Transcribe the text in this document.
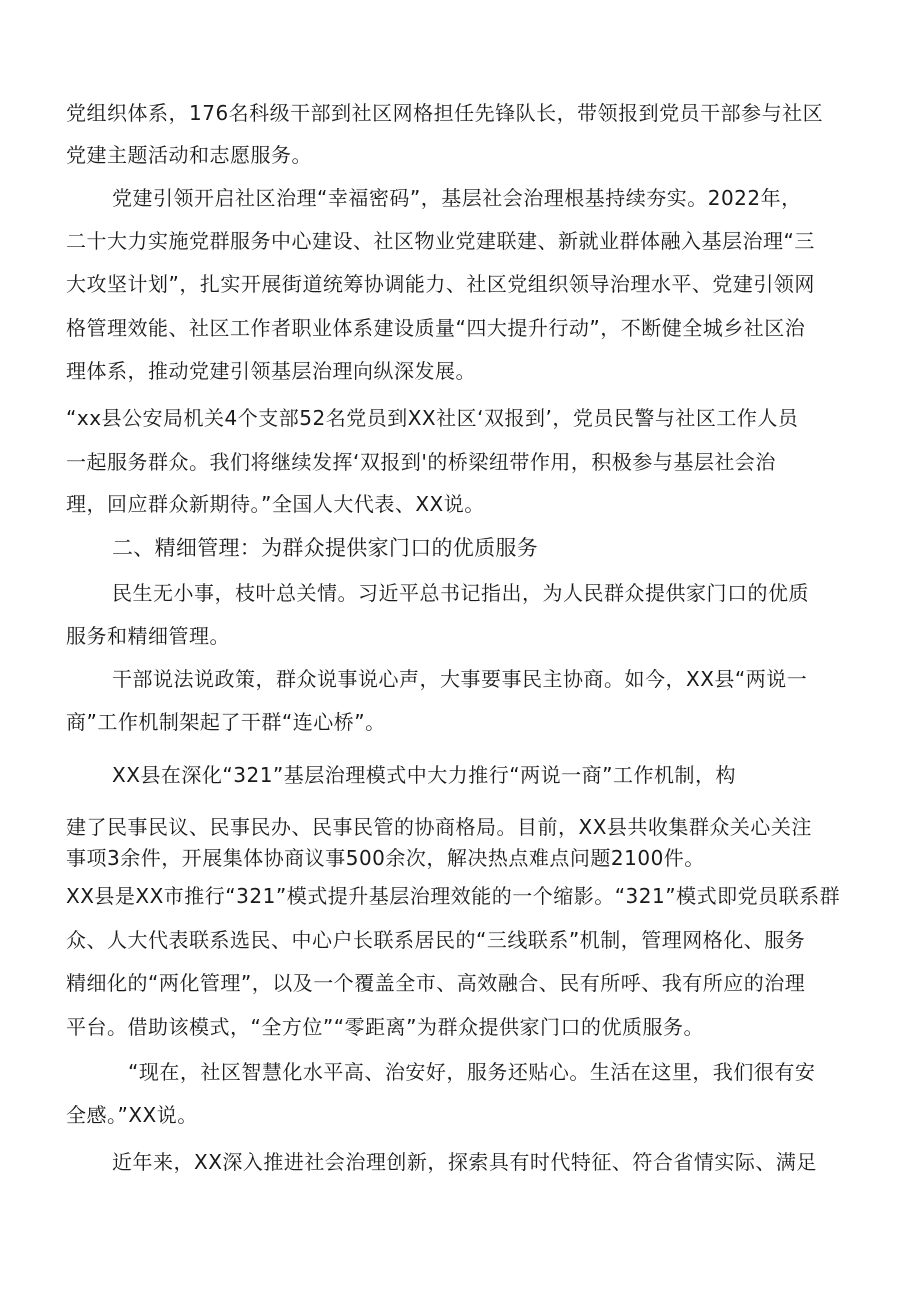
党组织体系，176名科级干部到社区网格担任先锋队长，带领报到党员干部参与社区
党建主题活动和志愿服务。
党建引领开启社区治理“幸福密码”，基层社会治理根基持续夯实。2022年，
二十大力实施党群服务中心建设、社区物业党建联建、新就业群体融入基层治理“三
大攻坚计划”，扎实开展街道统筹协调能力、社区党组织领导治理水平、党建引领网
格管理效能、社区工作者职业体系建设质量“四大提升行动”，不断健全城乡社区治
理体系，推动党建引领基层治理向纵深发展。
“xx县公安局机关4个支部52名党员到XX社区‘双报到’，党员民警与社区工作人员
一起服务群众。我们将继续发挥‘双报到'的桥梁纽带作用，积极参与基层社会治
理，回应群众新期待。”全国人大代表、XX说。
二、精细管理：为群众提供家门口的优质服务
民生无小事，枝叶总关情。习近平总书记指出，为人民群众提供家门口的优质
服务和精细管理。
干部说法说政策，群众说事说心声，大事要事民主协商。如今，XX县“两说一
商”工作机制架起了干群“连心桥”。
XX县在深化“321”基层治理模式中大力推行“两说一商”工作机制，构
建了民事民议、民事民办、民事民管的协商格局。目前，XX县共收集群众关心关注
事项3余件，开展集体协商议事500余次，解决热点难点问题2100件。
XX县是XX市推行“321”模式提升基层治理效能的一个缩影。“321”模式即党员联系群
众、人大代表联系选民、中心户长联系居民的“三线联系”机制，管理网格化、服务
精细化的“两化管理”，以及一个覆盖全市、高效融合、民有所呼、我有所应的治理
平台。借助该模式，“全方位”“零距离”为群众提供家门口的优质服务。
“现在，社区智慧化水平高、治安好，服务还贴心。生活在这里，我们很有安
全感。”XX说。
近年来，XX深入推进社会治理创新，探索具有时代特征、符合省情实际、满足
